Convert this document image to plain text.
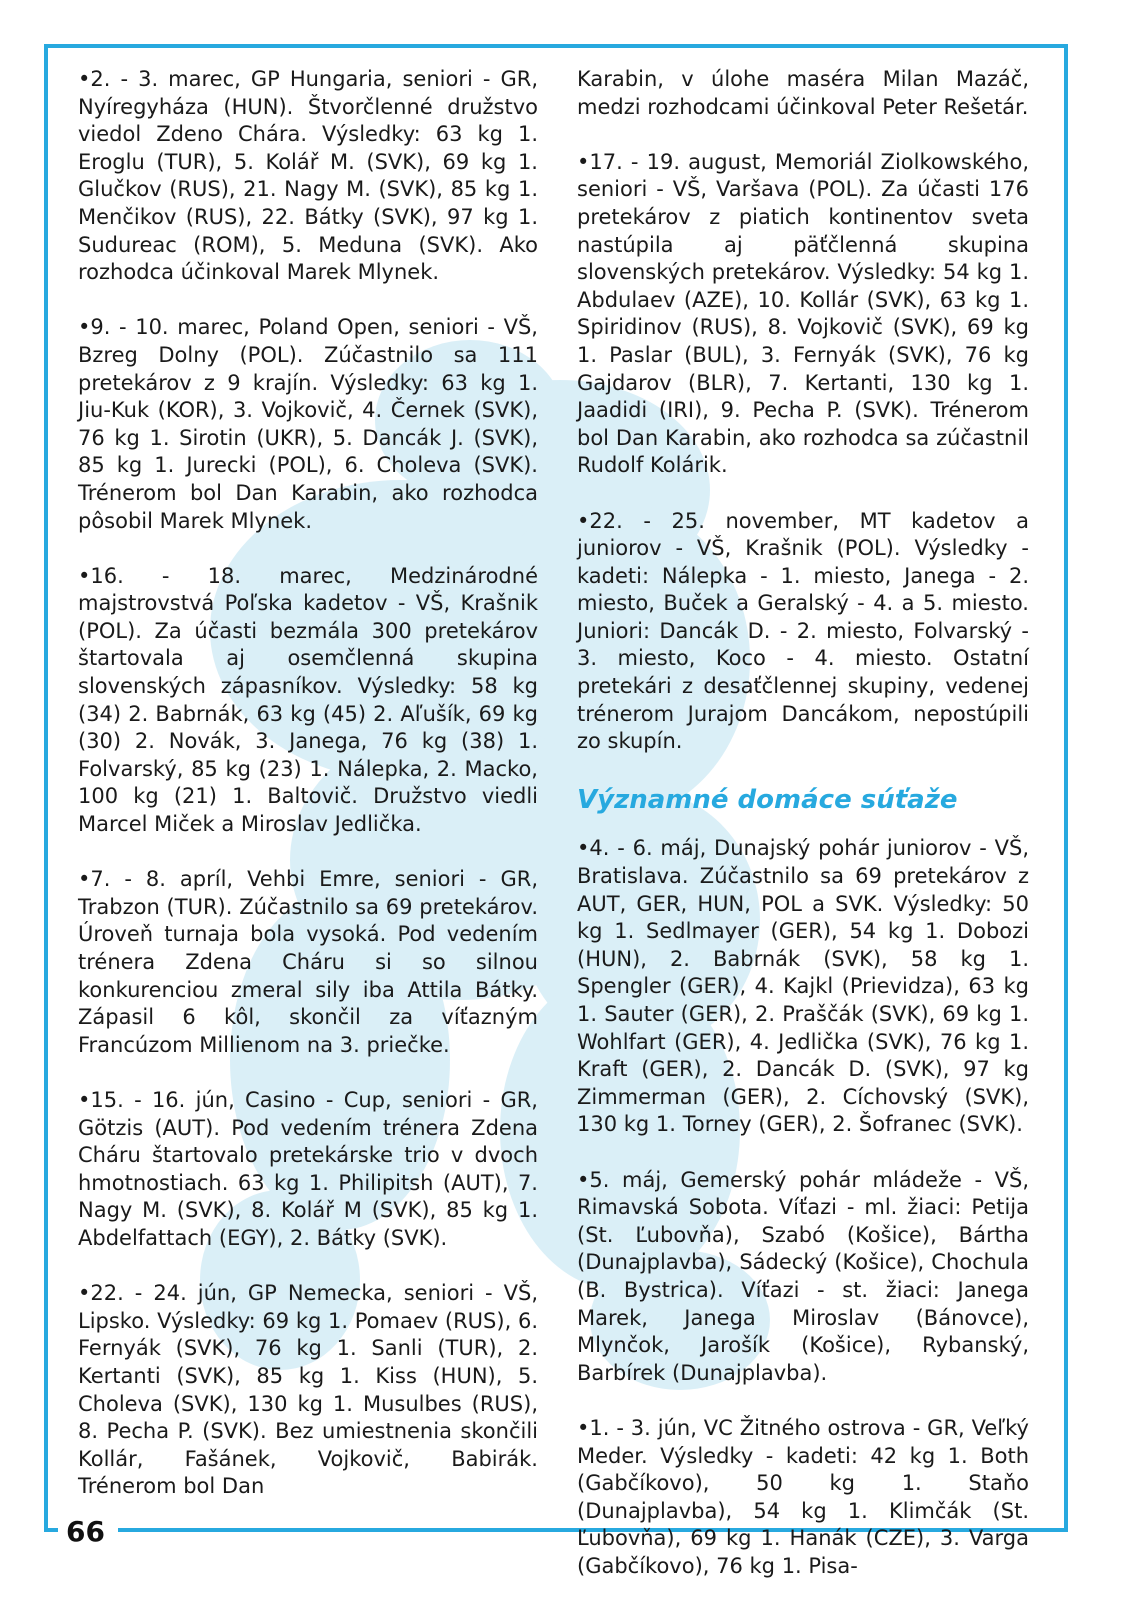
•2. - 3. marec, GP Hungaria, seniori - GR, Nyíregyháza (HUN). Štvorčlenné družstvo viedol Zdeno Chára. Výsledky: 63 kg 1. Eroglu (TUR), 5. Kolář M. (SVK), 69 kg 1. Glučkov (RUS), 21. Nagy M. (SVK), 85 kg 1. Menčikov (RUS), 22. Bátky (SVK), 97 kg 1. Sudureac (ROM), 5. Meduna (SVK). Ako rozhodca účinkoval Marek Mlynek.

•9. - 10. marec, Poland Open, seniori - VŠ, Bzreg Dolny (POL). Zúčastnilo sa 111 pretekárov z 9 krajín. Výsledky: 63 kg 1. Jiu-Kuk (KOR), 3. Vojkovič, 4. Černek (SVK), 76 kg 1. Sirotin (UKR), 5. Dancák J. (SVK), 85 kg 1. Jurecki (POL), 6. Choleva (SVK). Trénerom bol Dan Karabin, ako rozhodca pôsobil Marek Mlynek.

•16. - 18. marec, Medzinárodné majstrovstvá Poľska kadetov - VŠ, Krašnik (POL). Za účasti bezmála 300 pretekárov štartovala aj osemčlenná skupina slovenských zápasníkov. Výsledky: 58 kg (34) 2. Babrnák, 63 kg (45) 2. Aľušík, 69 kg (30) 2. Novák, 3. Janega, 76 kg (38) 1. Folvarský, 85 kg (23) 1. Nálepka, 2. Macko, 100 kg (21) 1. Baltovič. Družstvo viedli Marcel Miček a Miroslav Jedlička.

•7. - 8. apríl, Vehbi Emre, seniori - GR, Trabzon (TUR). Zúčastnilo sa 69 pretekárov. Úroveň turnaja bola vysoká. Pod vedením trénera Zdena Cháru si so silnou konkurenciou zmeral sily iba Attila Bátky. Zápasil 6 kôl, skončil za víťazným Francúzom Millienom na 3. priečke.

•15. - 16. jún, Casino - Cup, seniori - GR, Götzis (AUT). Pod vedením trénera Zdena Cháru štartovalo pretekárske trio v dvoch hmotnostiach. 63 kg 1. Philipitsh (AUT), 7. Nagy M. (SVK), 8. Kolář M (SVK), 85 kg 1. Abdelfattach (EGY), 2. Bátky (SVK).

•22. - 24. jún, GP Nemecka, seniori - VŠ, Lipsko. Výsledky: 69 kg 1. Pomaev (RUS), 6. Fernyák (SVK), 76 kg 1. Sanli (TUR), 2. Kertanti (SVK), 85 kg 1. Kiss (HUN), 5. Choleva (SVK), 130 kg 1. Musulbes (RUS), 8. Pecha P. (SVK). Bez umiestnenia skončili Kollár, Fašánek, Vojkovič, Babirák. Trénerom bol Dan

Karabin, v úlohe maséra Milan Mazáč, medzi rozhodcami účinkoval Peter Rešetár.

•17. - 19. august, Memoriál Ziolkowského, seniori - VŠ, Varšava (POL). Za účasti 176 pretekárov z piatich kontinentov sveta nastúpila aj päťčlenná skupina slovenských pretekárov. Výsledky: 54 kg 1. Abdulaev (AZE), 10. Kollár (SVK), 63 kg 1. Spiridinov (RUS), 8. Vojkovič (SVK), 69 kg 1. Paslar (BUL), 3. Fernyák (SVK), 76 kg Gajdarov (BLR), 7. Kertanti, 130 kg 1. Jaadidi (IRI), 9. Pecha P. (SVK). Trénerom bol Dan Karabin, ako rozhodca sa zúčastnil Rudolf Kolárik.

•22. - 25. november, MT kadetov a juniorov - VŠ, Krašnik (POL). Výsledky - kadeti: Nálepka - 1. miesto, Janega - 2. miesto, Buček a Geralský - 4. a 5. miesto. Juniori: Dancák D. - 2. miesto, Folvarský - 3. miesto, Koco - 4. miesto. Ostatní pretekári z desaťčlennej skupiny, vedenej trénerom Jurajom Dancákom, nepostúpili zo skupín.

Významné domáce súťaže

•4. - 6. máj, Dunajský pohár juniorov - VŠ, Bratislava. Zúčastnilo sa 69 pretekárov z AUT, GER, HUN, POL a SVK. Výsledky: 50 kg 1. Sedlmayer (GER), 54 kg 1. Dobozi (HUN), 2. Babrnák (SVK), 58 kg 1. Spengler (GER), 4. Kajkl (Prievidza), 63 kg 1. Sauter (GER), 2. Praščák (SVK), 69 kg 1. Wohlfart (GER), 4. Jedlička (SVK), 76 kg 1. Kraft (GER), 2. Dancák D. (SVK), 97 kg Zimmerman (GER), 2. Cíchovský (SVK), 130 kg 1. Torney (GER), 2. Šofranec (SVK).

•5. máj, Gemerský pohár mládeže - VŠ, Rimavská Sobota. Víťazi - ml. žiaci: Petija (St. Ľubovňa), Szabó (Košice), Bártha (Dunajplavba), Sádecký (Košice), Chochula (B. Bystrica). Víťazi - st. žiaci: Janega Marek, Janega Miroslav (Bánovce), Mlynčok, Jarošík (Košice), Rybanský, Barbírek (Dunajplavba).

•1. - 3. jún, VC Žitného ostrova - GR, Veľký Meder. Výsledky - kadeti: 42 kg 1. Both (Gabčíkovo), 50 kg 1. Staňo (Dunajplavba), 54 kg 1. Klimčák (St. Ľubovňa), 69 kg 1. Hanák (CZE), 3. Varga (Gabčíkovo), 76 kg 1. Pisa-

66
